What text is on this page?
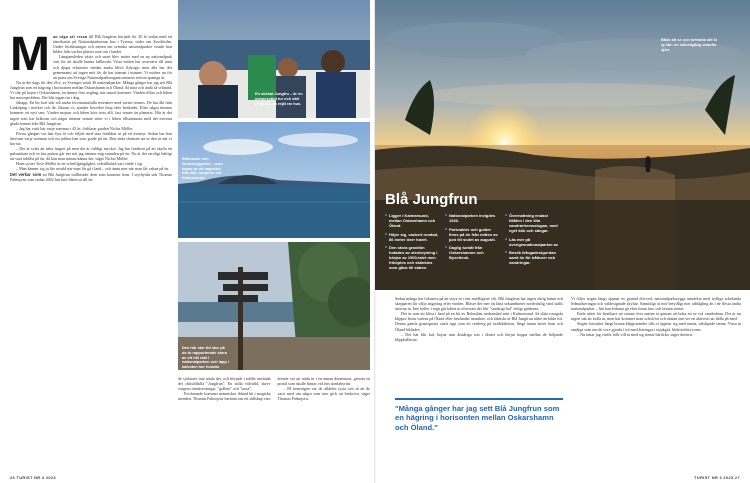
M an såga att resan till Blå Jungfrun började för 20 år sedan med ett tänvikariat på Nationalparkernas hus i Tyresta, söder om Stockholm. Under föreläsningar och möten om svenska nationalparker visade hon bilder från vackra platser runt om i landet.

Längtansleden växte och snart blev mötet med en ny nationalpark värt för att skulle kunna fullborda. Vissa möten har avsevärts till nära och djupa relationer medan andra blivit flyktiga; men alla har det gemensamt att ingen möt för de har stannat i minnet. Vi möttes nu för att prata om Sverige Nationalparksorganisationers tretton spaniga år.

Nu är det dags för den 26:e, av Sveriges totalt 30 nationalparker. Många gånger har jag sett Blå Jungfrun som en hägring i horisonten mellan Oskarshamn och Öland. Så nära och ändå så svårnåd. Vi står på kajen i Oskarshamn, en timme före avgång, när unsett kommer: Vinden tilltar och båten har motorproblem. Det blir ingen tur i dag.

Jahapp. En bit bort står två andra förväntansfulla resenärer med varsin termos. De har åkt från Linköping i mörker och de, liksom vi, sjunker besviket ihop efter beskedet. Efter några timmar kommer ett nytt sms. Vinden mojnar och båten körs trots allt, fast senare än planerat. Här är det ingen som har bråttom och några timmar senare sitter vi i båten tillsammans med det extremt glada teamet från Blå Jungfrun.

– Jag har varit här varje sommar i 45 år, förklarar guiden Niclas Möller.

Första gången var han fyra år och följde med sina föräldrar ut på ett äventyr. Sedan har han återvänt varje sommar och nu jobbar han som guide på ön. Den enda chansen att se den är när vi har tur.

– Det är svårt att sätta fingret på men det är väldigt mycket. Jag har funderat på att skaffa en pulsmätare och se hur pulsen går ner när jag närmar mig stranden på ön. Nu är det otroligt häftigt att vara inblåst på ön, då kan man nästan känna det, säger Niclas Möller.

Hans syster Tove Möller är en svårtillgänglighet, svårtilltalad vart värde i sig.

– Man känner sig ju lite utvald när man får gå i land... och ännu mer när man får vakna på ön.

Det verkar som att Blå Jungfrun trollbinder dem som kommer hem. I styrbyrån står Thomas Palmqvist som sedan 2002 har kört båten ut till ön.

En stickat Jungfru – är en minnesvärd tur och sätt ut på ön, en rejäl rar hus.
Blåmande och fantasieggande – som tagen av ett sagoklot från Blå Jungfrun vid Kalmarsund.
Den här stor tid stor på de är rapporterade stora av ett hål rakt i nationalparken och lapp i kalvsten hur hundar.

de sjöfarare inte attala det, och började i stället använda det okkuldfulla "Jungfrun". En stilla välvärld, skrev vargens ömskrivningar, "gråben" och "tasse".

Fortfarande kommer människor ibland hit i magiska ärenden. Thomas Palmqvist berättar om ett sällskap vars ärende var att träda in i en annan dimension, genom en portal som skulle finnas vid öns stenlabyrint.

– På hemvägen var de alldeles tysta och så att de varit med om något som inte gick att beskriva, säger Thomas Palmqvist.

26 TURIST NR 3 2023
Både att se och betrakta allt is ig här: en solnedgång ovanför sjön.
Blå Jungfrun
Ligger i Kalmarsund, mellan Oskarshamn och Öland.
Höjer sig, vackert rundad, 86 meter över havet.
Den stora granitön hotades av stenbrytning i början av 1900-talet men friköptes och skänktes som gåva till staten.
Nationalparken invigdes 1926.
Parkvakter och guider finns på ön från mitten av juni till slutet av augusti.
Daglig turbåt från Oskarshamns och Byxelkrok.
Övernattning endast tillåten i den lilla vandrarhemsstugan, med eget kök och sängar.
Läs mer på sverigesnationalparker.se
Besök bifogadestgordan samt ön för båtturer och vandringar.

Sedan många har fokusera på att styra in i öns nordligaste vik. Blå Jungfrun har ingen riktig hamn och skepparen får välja angöring efter vinden. Bläser det mer än lätta sekundmeter nordvästlig vind ställs turerna in. Inte heller i regn går båten ut eftersom det blir "snuskigt hal" enligt guiderna.

Det är som att kliva i land på en bit av Bohuslän, nedramlad mitt i Kalmarsund. Så släta rosagråa klippor finns varken på Öland eller fastlandet inomhav, och faktiskt är Blå Jungfrun äldre än båda två. Denna gamla granitgrotta stack upp som ett restberg på istidsklättern, långt innan havet kom och Öland bildades.

– Det här blir kul, hojtar min åttaåriga son i fåsnet och börjar hoppa mellan de böljande klipphällarna.

"Många gånger har jag sett Blå Jungfrun som en hägring i horisonten mellan Oskarshamn och Öland."

Vi följer stigen längs öppnar av granad drivved, nationalparkstyggs utmärkta med tydliga ackelanda ledmarkeringar och väldesignade skyltar. Samtidigt är inte betydligt mer utblågling än i de flesta andra nationalparker – här kan ledarna gå efter brant faro och branta stenar.

Enda sättet för besökare att stanna över natten är genom att boka ett av två vandrahem. Det är nu ingen sak att kolla in, men här kommer man också hit och nästan inte ser en aktivitet att hålla på med.

Stigen fortsätter längs branta klippstränder tills vi öppnar sig med runda, välslipade stenar. Vissa är randiga som om de vore gjorda i trä med årsringar i mjukgrå, blekvioletta toner.

– Nu fattar jag varför folk vill ta med sig stenar härifrån, säger dottern.

TURIST NR 3 2023 27
